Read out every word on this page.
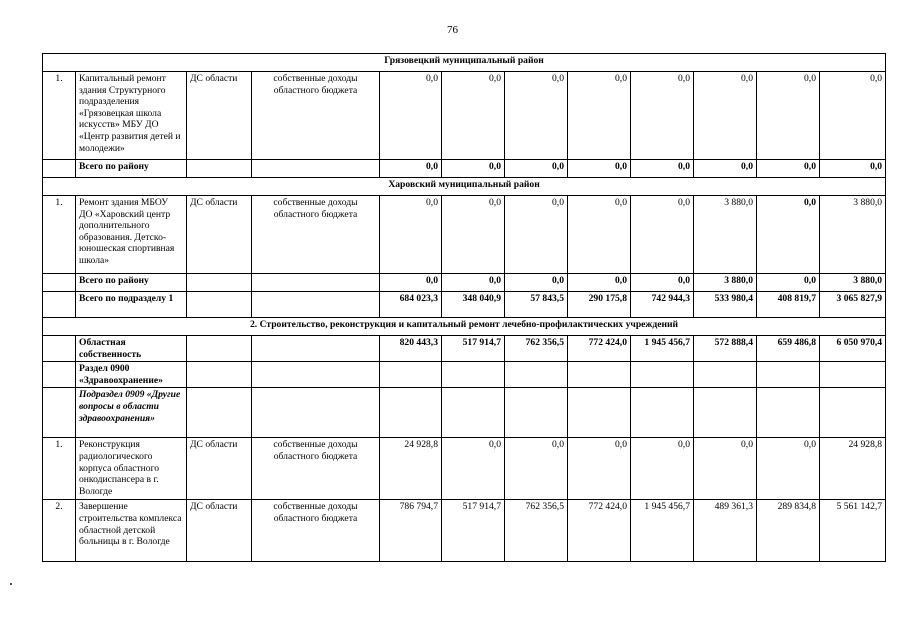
76
Грязовецкий муниципальный район											
1.	Капитальный ремонт здания Структурного подразделения «Грязовецкая школа искусств» МБУ ДО «Центр развития детей и молодежи»	ДС области	собственные доходы областного бюджета	0,0	0,0	0,0	0,0	0,0	0,0	0,0	0,0
	Всего по району			0,0	0,0	0,0	0,0	0,0	0,0	0,0	0,0
Харовский муниципальный район											
1.	Ремонт здания МБОУ ДО «Харовский центр дополнительного образования. Детско-юношеская спортивная школа»	ДС области	собственные доходы областного бюджета	0,0	0,0	0,0	0,0	0,0	3 880,0	0,0	3 880,0
	Всего по району			0,0	0,0	0,0	0,0	0,0	3 880,0	0,0	3 880,0
	Всего по подразделу 1			684 023,3	348 040,9	57 843,5	290 175,8	742 944,3	533 980,4	408 819,7	3 065 827,9
2. Строительство, реконструкция и капитальный ремонт лечебно-профилактических учреждений											
	Областная собственность			820 443,3	517 914,7	762 356,5	772 424,0	1 945 456,7	572 888,4	659 486,8	6 050 970,4
	Раздел 0900 «Здравоохранение»										
	Подраздел 0909 «Другие вопросы в области здравоохранения»										
1.	Реконструкция радиологического корпуса областного онкодиспансера в г. Вологде	ДС области	собственные доходы областного бюджета	24 928,8	0,0	0,0	0,0	0,0	0,0	0,0	24 928,8
2.	Завершение строительства комплекса областной детской больницы в г. Вологде	ДС области	собственные доходы областного бюджета	786 794,7	517 914,7	762 356,5	772 424,0	1 945 456,7	489 361,3	289 834,8	5 561 142,7
